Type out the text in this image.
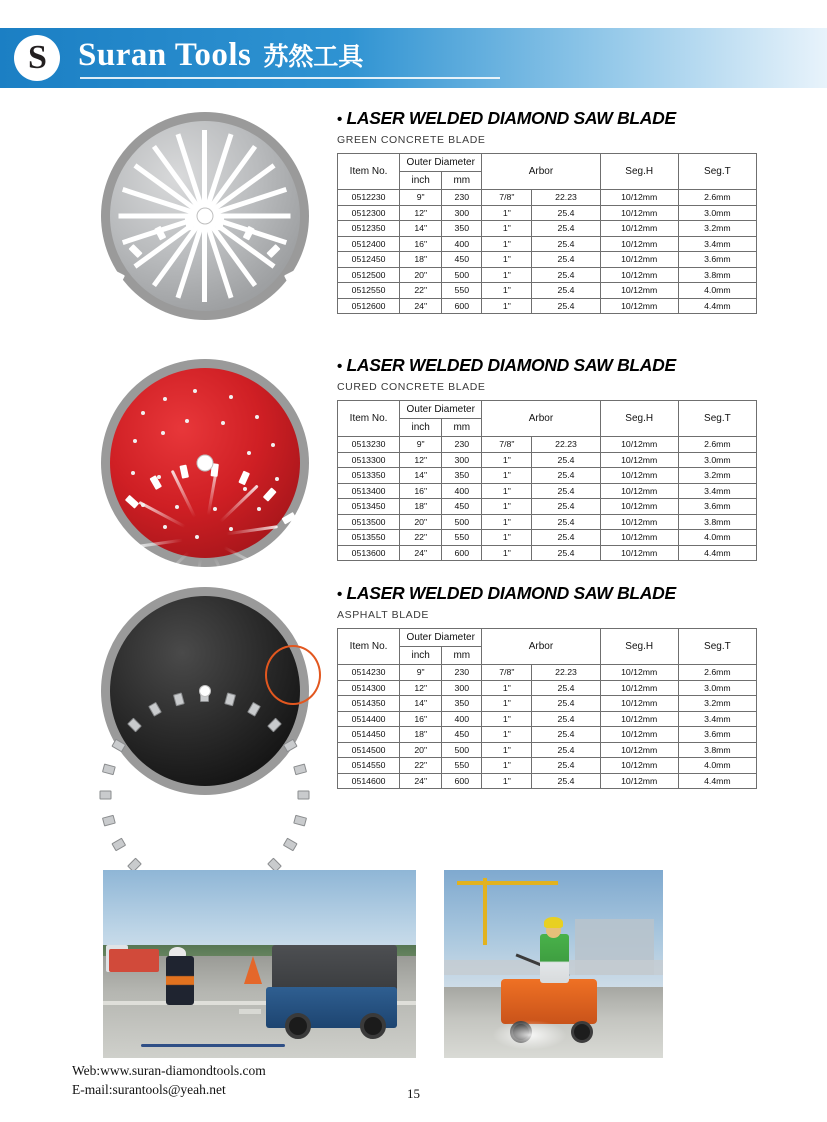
S Suran Tools 苏然工具
• LASER WELDED DIAMOND SAW BLADE
GREEN CONCRETE BLADE
Item No.	Outer Diameter		Arbor		Seg.H	Seg.T
	inch	mm				
0512230	9"	230	7/8"	22.23	10/12mm	2.6mm
0512300	12"	300	1"	25.4	10/12mm	3.0mm
0512350	14"	350	1"	25.4	10/12mm	3.2mm
0512400	16"	400	1"	25.4	10/12mm	3.4mm
0512450	18"	450	1"	25.4	10/12mm	3.6mm
0512500	20"	500	1"	25.4	10/12mm	3.8mm
0512550	22"	550	1"	25.4	10/12mm	4.0mm
0512600	24"	600	1"	25.4	10/12mm	4.4mm
• LASER WELDED DIAMOND SAW BLADE
CURED CONCRETE BLADE
Item No.	Outer Diameter		Arbor		Seg.H	Seg.T
	inch	mm				
0513230	9"	230	7/8"	22.23	10/12mm	2.6mm
0513300	12"	300	1"	25.4	10/12mm	3.0mm
0513350	14"	350	1"	25.4	10/12mm	3.2mm
0513400	16"	400	1"	25.4	10/12mm	3.4mm
0513450	18"	450	1"	25.4	10/12mm	3.6mm
0513500	20"	500	1"	25.4	10/12mm	3.8mm
0513550	22"	550	1"	25.4	10/12mm	4.0mm
0513600	24"	600	1"	25.4	10/12mm	4.4mm
• LASER WELDED DIAMOND SAW BLADE
ASPHALT BLADE
Item No.	Outer Diameter		Arbor		Seg.H	Seg.T
	inch	mm				
0514230	9"	230	7/8"	22.23	10/12mm	2.6mm
0514300	12"	300	1"	25.4	10/12mm	3.0mm
0514350	14"	350	1"	25.4	10/12mm	3.2mm
0514400	16"	400	1"	25.4	10/12mm	3.4mm
0514450	18"	450	1"	25.4	10/12mm	3.6mm
0514500	20"	500	1"	25.4	10/12mm	3.8mm
0514550	22"	550	1"	25.4	10/12mm	4.0mm
0514600	24"	600	1"	25.4	10/12mm	4.4mm
Web:www.suran-diamondtools.com
E-mail:surantools@yeah.net	15
